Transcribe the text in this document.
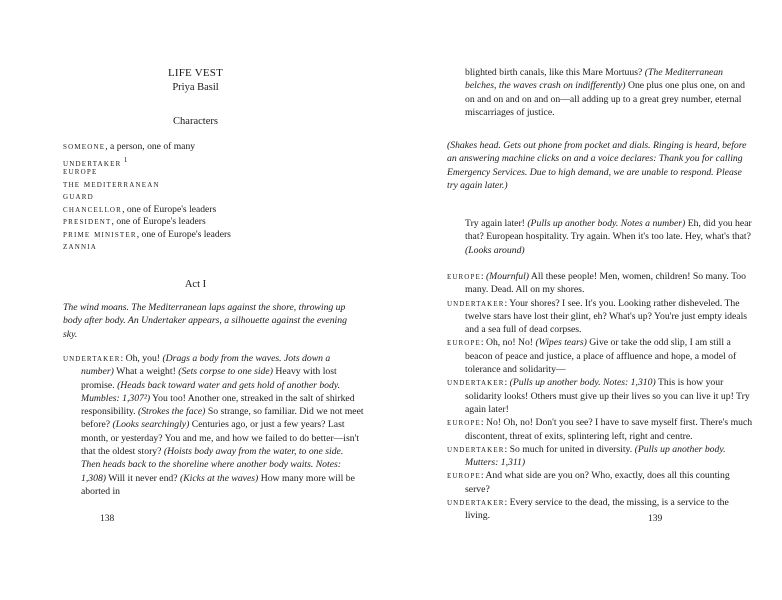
LIFE VEST
Priya Basil
Characters
someone, a person, one of many
undertaker $^1$
europe
the mediterranean
guard
chancellor, one of Europe's leaders
president, one of Europe's leaders
prime minister, one of Europe's leaders
zannia
Act I
The wind moans. The Mediterranean laps against the shore, throwing up body after body. An Undertaker appears, a silhouette against the evening sky.

undertaker: Oh, you! (Drags a body from the waves. Jots down a number) What a weight! (Sets corpse to one side) Heavy with lost promise. (Heads back toward water and gets hold of another body. Mumbles: 1,307²) You too! Another one, streaked in the salt of shirked responsibility. (Strokes the face) So strange, so familiar. Did we not meet before? (Looks searchingly) Centuries ago, or just a few years? Last month, or yesterday? You and me, and how we failed to do better—isn't that the oldest story? (Hoists body away from the water, to one side. Then heads back to the shoreline where another body waits. Notes: 1,308) Will it never end? (Kicks at the waves) How many more will be aborted in

138

blighted birth canals, like this Mare Mortuus? (The Mediterranean belches, the waves crash on indifferently) One plus one plus one, on and on and on and on and on—all adding up to a great grey number, eternal miscarriages of justice.

(Shakes head. Gets out phone from pocket and dials. Ringing is heard, before an answering machine clicks on and a voice declares: Thank you for calling Emergency Services. Due to high demand, we are unable to respond. Please try again later.)

Try again later! (Pulls up another body. Notes a number) Eh, did you hear that? European hospitality. Try again. When it's too late. Hey, what's that? (Looks around)

europe: (Mournful) All these people! Men, women, children! So many. Too many. Dead. All on my shores.

undertaker: Your shores? I see. It's you. Looking rather disheveled. The twelve stars have lost their glint, eh? What's up? You're just empty ideals and a sea full of dead corpses.

europe: Oh, no! No! (Wipes tears) Give or take the odd slip, I am still a beacon of peace and justice, a place of affluence and hope, a model of tolerance and solidarity—

undertaker: (Pulls up another body. Notes: 1,310) This is how your solidarity looks! Others must give up their lives so you can live it up! Try again later!

europe: No! Oh, no! Don't you see? I have to save myself first. There's much discontent, threat of exits, splintering left, right and centre.

undertaker: So much for united in diversity. (Pulls up another body. Mutters: 1,311)

europe: And what side are you on? Who, exactly, does all this counting serve?

undertaker: Every service to the dead, the missing, is a service to the living.	139
